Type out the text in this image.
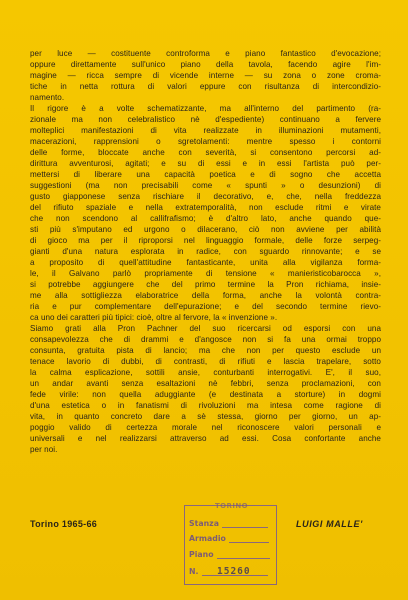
per luce — costituente controforma e piano fantastico d'evocazione;
oppure direttamente sull'unico piano della tavola, facendo agire l'im-
magine — ricca sempre di vicende interne — su zona o zone croma-
tiche in netta rottura di valori eppure con risultanza di intercondizio-
namento.

Il rigore è a volte schematizzante, ma all'interno del partimento (ra-
zionale ma non celebralistico nè d'espediente) continuano a fervere
molteplici manifestazioni di vita realizzate in illuminazioni mutamenti,
macerazioni, rapprensioni o sgretolamenti: mentre spesso i contorni
delle forme, bloccate anche con severità, si consentono percorsi ad-
dirittura avventurosi, agitati; e su di essi e in essi l'artista può per-
mettersi di liberare una capacità poetica e di sogno che accetta
suggestioni (ma non precisabili come « spunti » o desunzioni) di
gusto giapponese senza rischiare il decorativo, e, che, nella freddezza
del rifiuto spaziale e nella extratemporalità, non esclude ritmi e virate
che non scendono al callifrafismo; è d'altro lato, anche quando que-
sti più s'imputano ed urgono o dilacerano, ciò non avviene per abilità
di gioco ma per il riproporsi nel linguaggio formale, delle forze serpeg-
gianti d'una natura esplorata in radice, con sguardo rinnovante; e se
a proposito di quell'attitudine fantasticante, unita alla vigilanza forma-
le, il Galvano parlò propriamente di tensione « manieristicobarocca »,
si potrebbe aggiungere che del primo termine la Pron richiama, insie-
me alla sottigliezza elaboratrice della forma, anche la volontà contra-
ria e pur complementare dell'epurazione; e del secondo termine rievo-
ca uno dei caratteri più tipici: cioè, oltre al fervore, la « invenzione ».

Siamo grati alla Pron Pachner del suo ricercarsi od esporsi con una
consapevolezza che di drammi e d'angosce non si fa una ormai troppo
consunta, gratuita pista di lancio; ma che non per questo esclude un
tenace lavorio di dubbi, di contrasti, di rifiuti e lascia trapelare, sotto
la calma esplicazione, sottili ansie, conturbanti interrogativi. E', il suo,
un andar avanti senza esaltazioni nè febbri, senza proclamazioni, con
fede virile: non quella aduggiante (e destinata a storture) in dogmi
d'una estetica o in fanatismi di rivoluzioni ma intesa come ragione di
vita, in quanto concreto dare a sè stessa, giorno per giorno, un ap-
poggio valido di certezza morale nel riconoscere valori personali e
universali e nel realizzarsi attraverso ad essi. Cosa confortante anche
per noi.

Torino 1965-66	LUIGI MALLE'
TORINO
Stanza
Armadio
Piano
N. 15260
